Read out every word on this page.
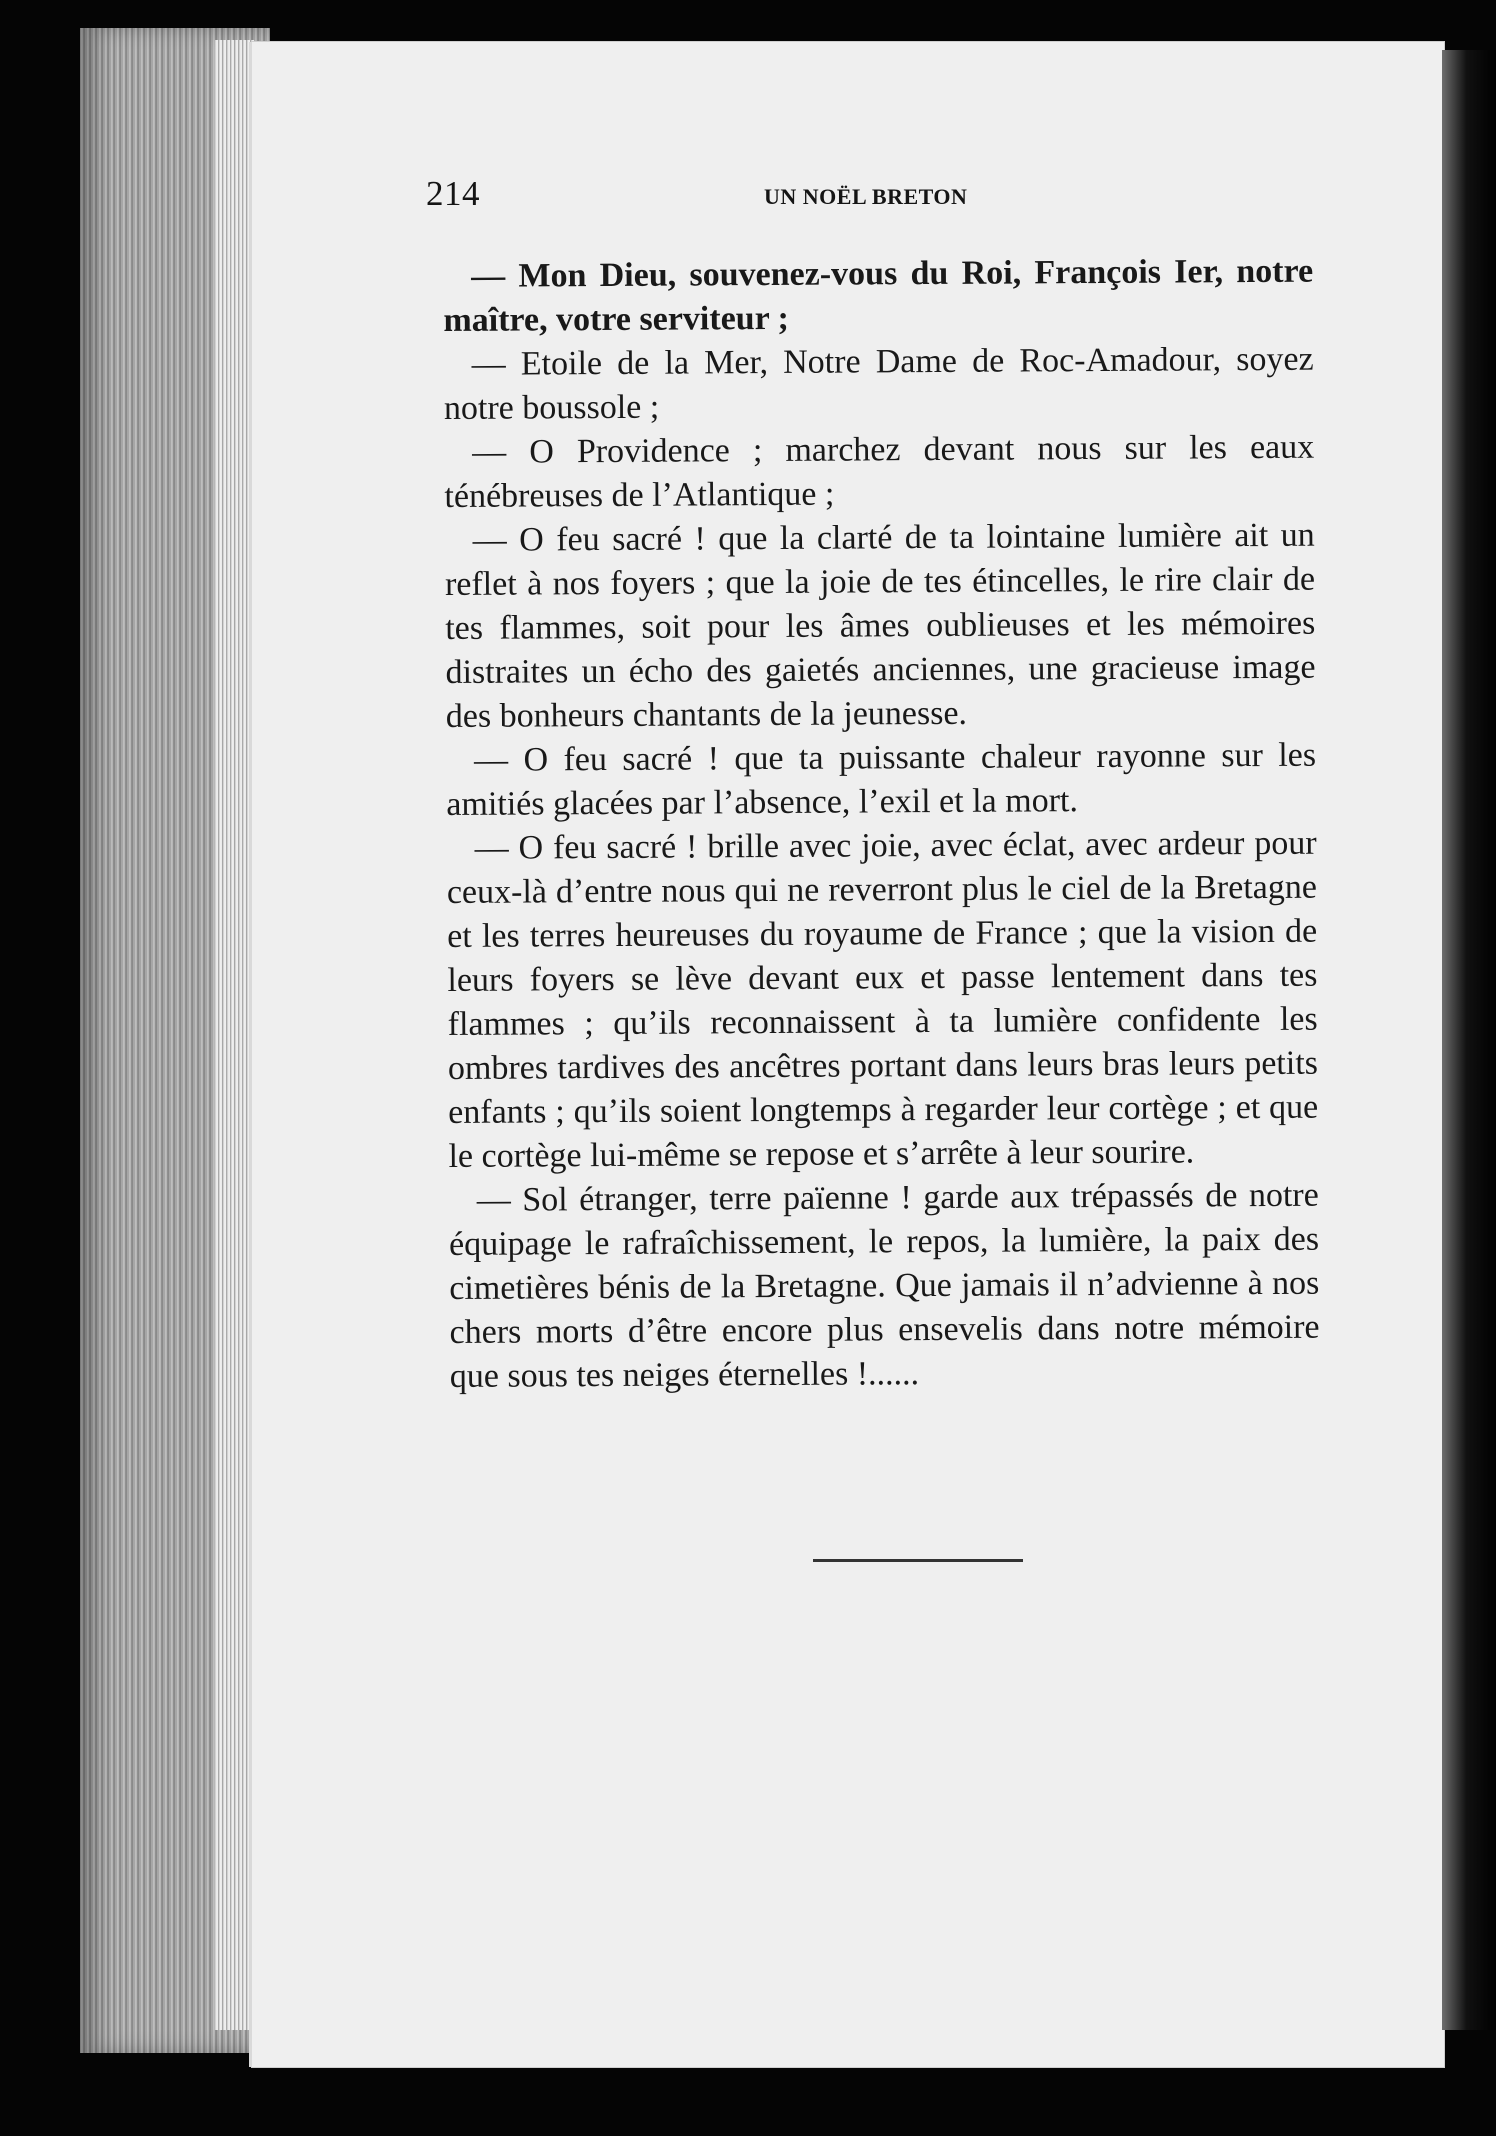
214	UN NOËL BRETON

— Mon Dieu, souvenez-vous du Roi, François Ier, notre maître, votre serviteur ;

— Etoile de la Mer, Notre Dame de Roc-Amadour, soyez notre boussole ;

— O Providence ; marchez devant nous sur les eaux ténébreuses de l’Atlantique ;

— O feu sacré ! que la clarté de ta lointaine lumière ait un reflet à nos foyers ; que la joie de tes étincelles, le rire clair de tes flammes, soit pour les âmes oublieuses et les mémoires distraites un écho des gaietés anciennes, une gracieuse image des bonheurs chantants de la jeunesse.

— O feu sacré ! que ta puissante chaleur rayonne sur les amitiés glacées par l’absence, l’exil et la mort.

— O feu sacré ! brille avec joie, avec éclat, avec ardeur pour ceux-là d’entre nous qui ne reverront plus le ciel de la Bretagne et les terres heureuses du royaume de France ; que la vision de leurs foyers se lève devant eux et passe lentement dans tes flammes ; qu’ils reconnaissent à ta lumière confidente les ombres tardives des ancêtres portant dans leurs bras leurs petits enfants ; qu’ils soient longtemps à regarder leur cortège ; et que le cortège lui-même se repose et s’arrête à leur sourire.

— Sol étranger, terre païenne ! garde aux trépassés de notre équipage le rafraîchissement, le repos, la lumière, la paix des cimetières bénis de la Bretagne. Que jamais il n’advienne à nos chers morts d’être encore plus ensevelis dans notre mémoire que sous tes neiges éternelles !......
